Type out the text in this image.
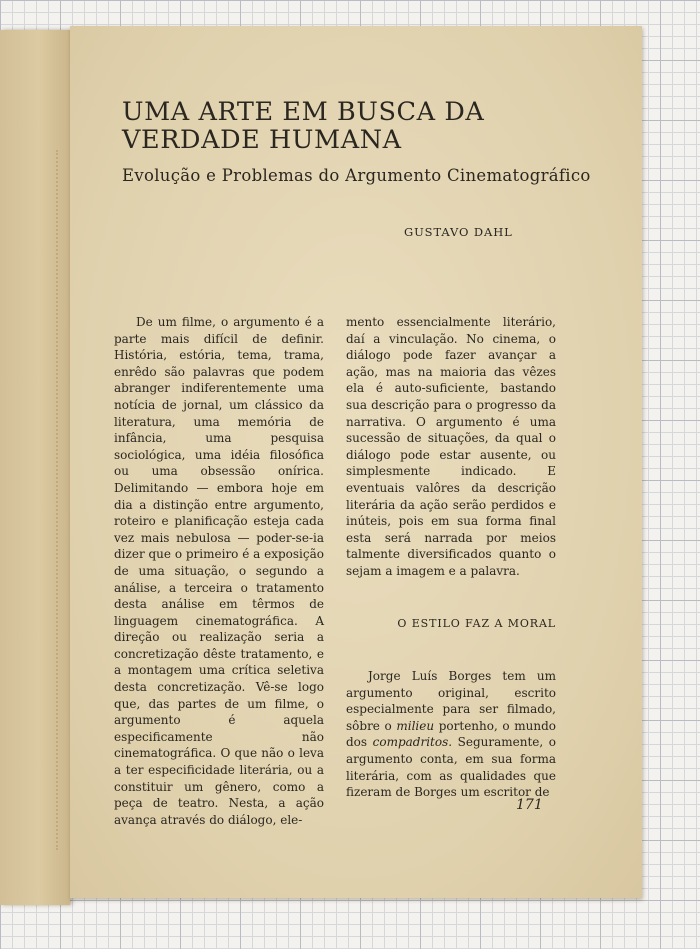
UMA ARTE EM BUSCA DA VERDADE HUMANA
Evolução e Problemas do Argumento Cinematográfico
GUSTAVO DAHL

De um filme, o argumento é a parte mais difícil de definir. História, estória, tema, trama, enrêdo são palavras que podem abranger indiferentemente uma notícia de jornal, um clássico da literatura, uma memória de infância, uma pesquisa sociológica, uma idéia filosófica ou uma obsessão onírica. Delimitando — embora hoje em dia a distinção entre argumento, roteiro e planificação esteja cada vez mais nebulosa — poder-se-ia dizer que o primeiro é a exposição de uma situação, o segundo a análise, a terceira o tratamento desta análise em têrmos de linguagem cinematográfica. A direção ou realização seria a concretização dêste tratamento, e a montagem uma crítica seletiva desta concretização. Vê-se logo que, das partes de um filme, o argumento é aquela especificamente não cinematográfica. O que não o leva a ter especificidade literária, ou a constituir um gênero, como a peça de teatro. Nesta, a ação avança através do diálogo, ele-

mento essencialmente literário, daí a vinculação. No cinema, o diálogo pode fazer avançar a ação, mas na maioria das vêzes ela é auto-suficiente, bastando sua descrição para o progresso da narrativa. O argumento é uma sucessão de situações, da qual o diálogo pode estar ausente, ou simplesmente indicado. E eventuais valôres da descrição literária da ação serão perdidos e inúteis, pois em sua forma final esta será narrada por meios talmente diversificados quanto o sejam a imagem e a palavra.

O ESTILO FAZ A MORAL

Jorge Luís Borges tem um argumento original, escrito especialmente para ser filmado, sôbre o milieu portenho, o mundo dos compadritos. Seguramente, o argumento conta, em sua forma literária, com as qualidades que fizeram de Borges um escritor de

171
